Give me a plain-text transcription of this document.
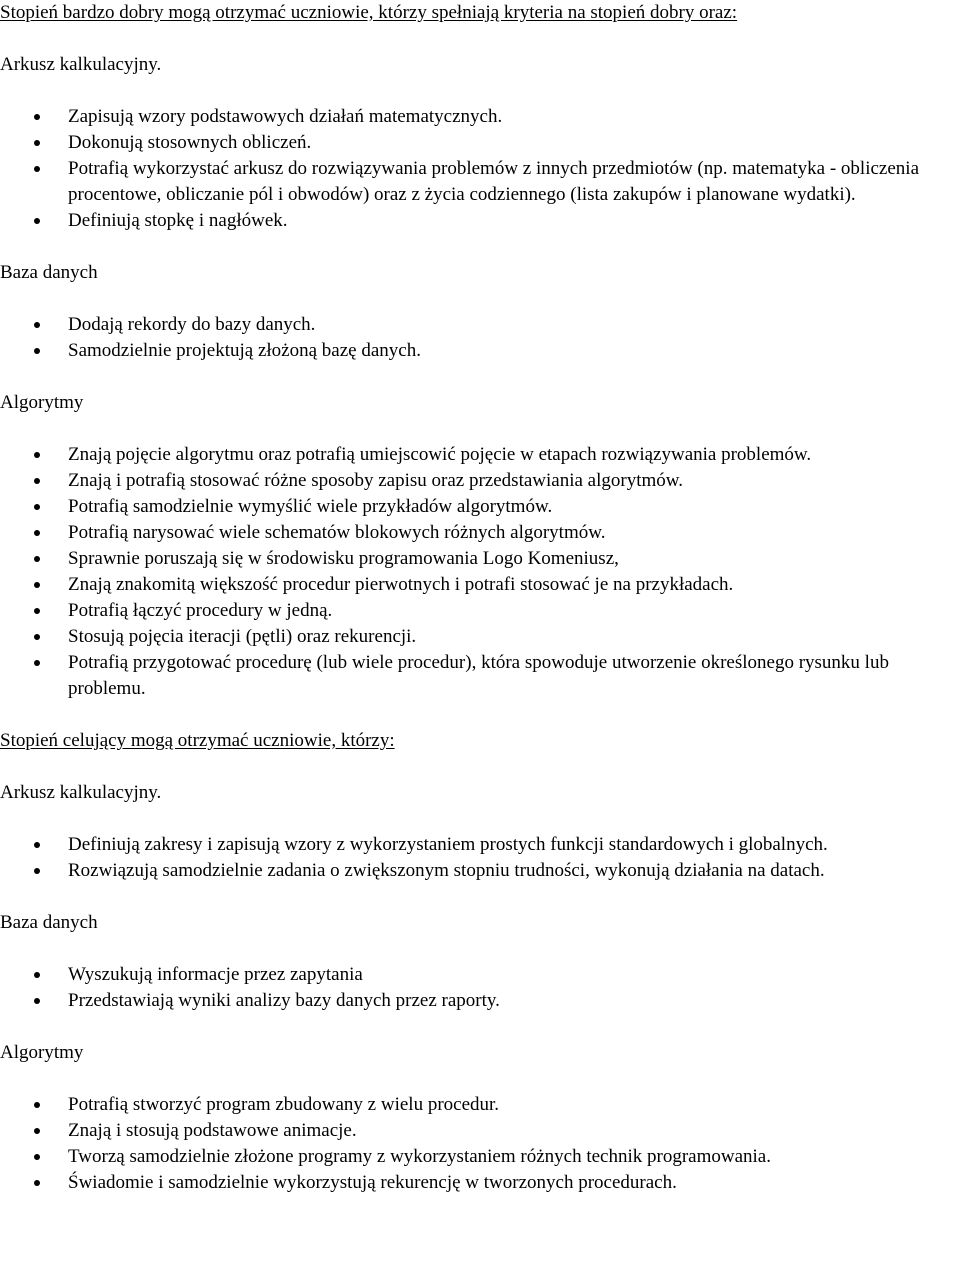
Stopień bardzo dobry mogą otrzymać uczniowie, którzy spełniają kryteria na stopień dobry oraz:
Arkusz kalkulacyjny.
Zapisują wzory podstawowych działań matematycznych.
Dokonują stosownych obliczeń.
Potrafią wykorzystać arkusz do rozwiązywania problemów z innych przedmiotów (np. matematyka - obliczenia procentowe, obliczanie pól i obwodów) oraz z życia codziennego (lista zakupów i planowane wydatki).
Definiują stopkę i nagłówek.
Baza danych
Dodają rekordy do bazy danych.
Samodzielnie projektują złożoną bazę danych.
Algorytmy
Znają pojęcie algorytmu oraz potrafią umiejscowić pojęcie w etapach rozwiązywania problemów.
Znają i potrafią stosować różne sposoby zapisu oraz przedstawiania algorytmów.
Potrafią samodzielnie wymyślić wiele przykładów algorytmów.
Potrafią narysować wiele schematów blokowych różnych algorytmów.
Sprawnie poruszają się w środowisku programowania Logo Komeniusz,
Znają znakomitą większość procedur pierwotnych i potrafi stosować je na przykładach.
Potrafią łączyć procedury w jedną.
Stosują pojęcia iteracji (pętli) oraz rekurencji.
Potrafią przygotować procedurę (lub wiele procedur), która spowoduje utworzenie określonego rysunku lub problemu.
Stopień celujący mogą otrzymać uczniowie, którzy:
Arkusz kalkulacyjny.
Definiują zakresy i zapisują wzory z wykorzystaniem prostych funkcji standardowych i globalnych.
Rozwiązują samodzielnie zadania o zwiększonym stopniu trudności, wykonują działania na datach.
Baza danych
Wyszukują informacje przez zapytania
Przedstawiają wyniki analizy bazy danych przez raporty.
Algorytmy
Potrafią stworzyć program zbudowany z wielu procedur.
Znają i stosują podstawowe animacje.
Tworzą samodzielnie złożone programy z wykorzystaniem różnych technik programowania.
Świadomie i samodzielnie wykorzystują rekurencję w tworzonych procedurach.
